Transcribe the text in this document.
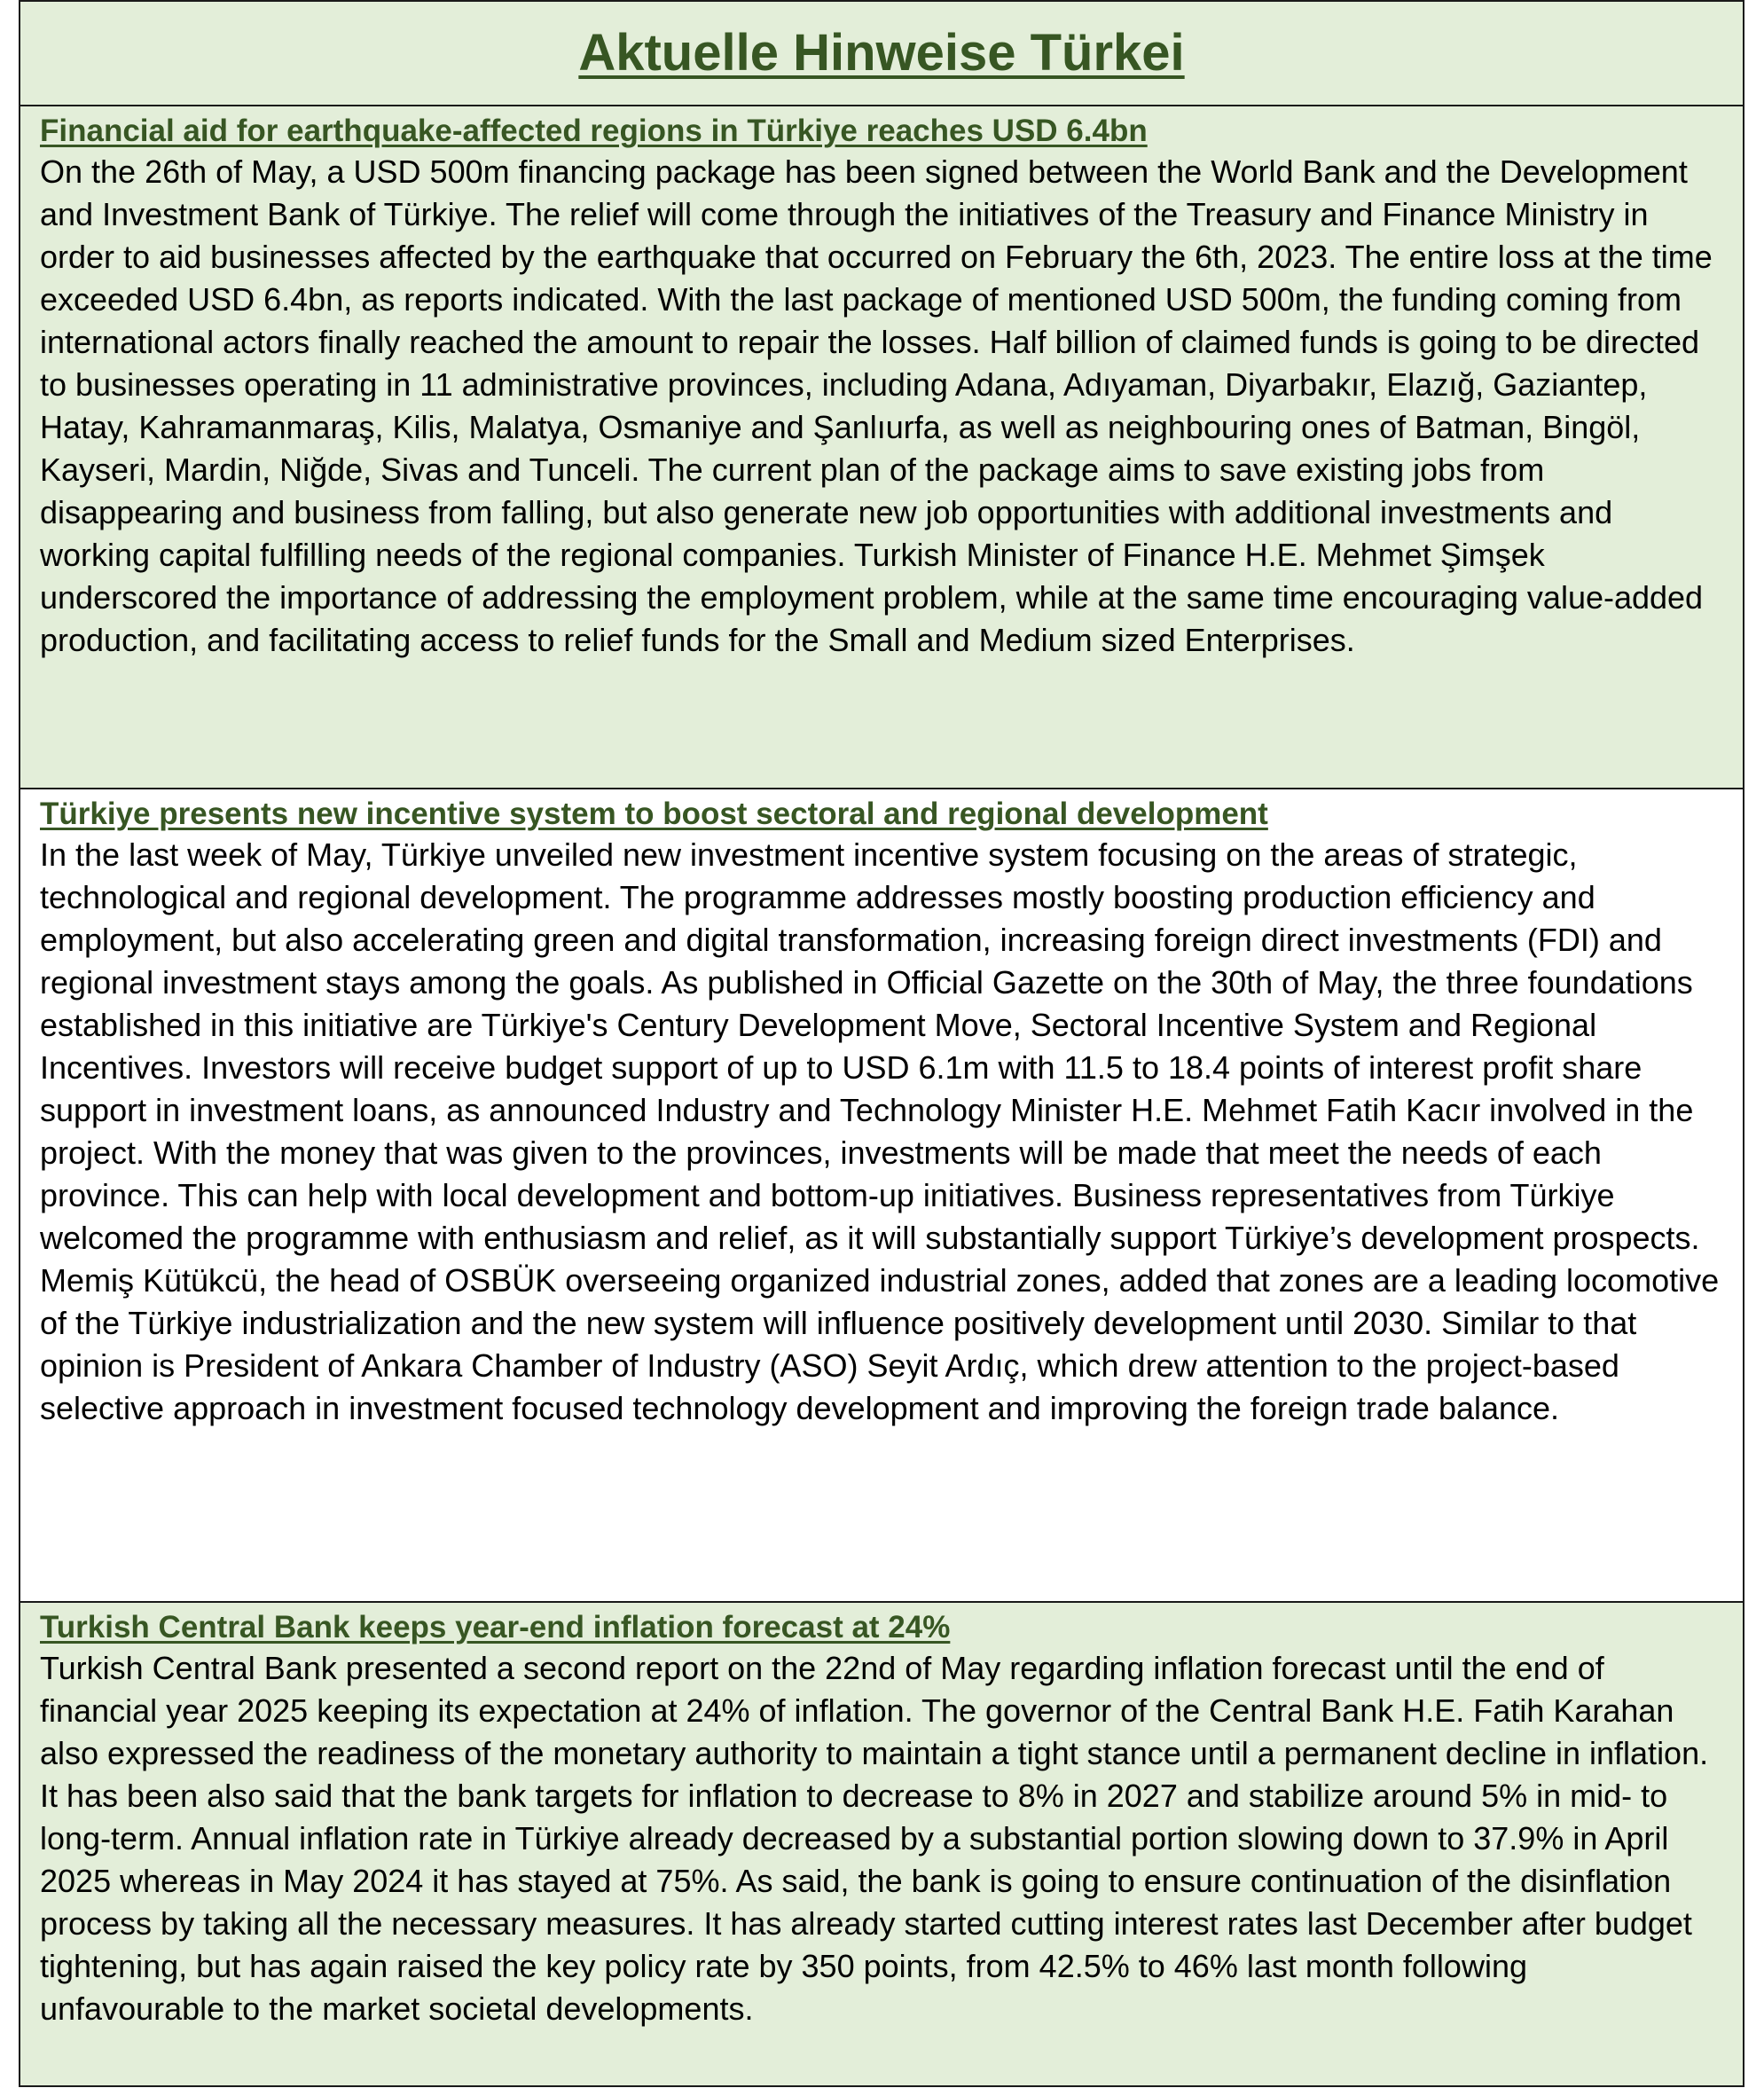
Aktuelle Hinweise Türkei
Financial aid for earthquake-affected regions in Türkiye reaches USD 6.4bn

On the 26th of May, a USD 500m financing package has been signed between the World Bank and the Development and Investment Bank of Türkiye. The relief will come through the initiatives of the Treasury and Finance Ministry in order to aid businesses affected by the earthquake that occurred on February the 6th, 2023. The entire loss at the time exceeded USD 6.4bn, as reports indicated. With the last package of mentioned USD 500m, the funding coming from international actors finally reached the amount to repair the losses. Half billion of claimed funds is going to be directed to businesses operating in 11 administrative provinces, including Adana, Adıyaman, Diyarbakır, Elazığ, Gaziantep, Hatay, Kahramanmaraş, Kilis, Malatya, Osmaniye and Şanlıurfa, as well as neighbouring ones of Batman, Bingöl, Kayseri, Mardin, Niğde, Sivas and Tunceli. The current plan of the package aims to save existing jobs from disappearing and business from falling, but also generate new job opportunities with additional investments and working capital fulfilling needs of the regional companies. Turkish Minister of Finance H.E. Mehmet Şimşek underscored the importance of addressing the employment problem, while at the same time encouraging value-added production, and facilitating access to relief funds for the Small and Medium sized Enterprises.

Türkiye presents new incentive system to boost sectoral and regional development

In the last week of May, Türkiye unveiled new investment incentive system focusing on the areas of strategic, technological and regional development. The programme addresses mostly boosting production efficiency and employment, but also accelerating green and digital transformation, increasing foreign direct investments (FDI) and regional investment stays among the goals. As published in Official Gazette on the 30th of May, the three foundations established in this initiative are Türkiye's Century Development Move, Sectoral Incentive System and Regional Incentives. Investors will receive budget support of up to USD 6.1m with 11.5 to 18.4 points of interest profit share support in investment loans, as announced Industry and Technology Minister H.E. Mehmet Fatih Kacır involved in the project. With the money that was given to the provinces, investments will be made that meet the needs of each province. This can help with local development and bottom-up initiatives. Business representatives from Türkiye welcomed the programme with enthusiasm and relief, as it will substantially support Türkiye’s development prospects. Memiş Kütükcü, the head of OSBÜK overseeing organized industrial zones, added that zones are a leading locomotive of the Türkiye industrialization and the new system will influence positively development until 2030. Similar to that opinion is President of Ankara Chamber of Industry (ASO) Seyit Ardıç, which drew attention to the project-based selective approach in investment focused technology development and improving the foreign trade balance.

Turkish Central Bank keeps year-end inflation forecast at 24%

Turkish Central Bank presented a second report on the 22nd of May regarding inflation forecast until the end of financial year 2025 keeping its expectation at 24% of inflation. The governor of the Central Bank H.E. Fatih Karahan also expressed the readiness of the monetary authority to maintain a tight stance until a permanent decline in inflation. It has been also said that the bank targets for inflation to decrease to 8% in 2027 and stabilize around 5% in mid- to long-term. Annual inflation rate in Türkiye already decreased by a substantial portion slowing down to 37.9% in April 2025 whereas in May 2024 it has stayed at 75%. As said, the bank is going to ensure continuation of the disinflation process by taking all the necessary measures. It has already started cutting interest rates last December after budget tightening, but has again raised the key policy rate by 350 points, from 42.5% to 46% last month following unfavourable to the market societal developments.
